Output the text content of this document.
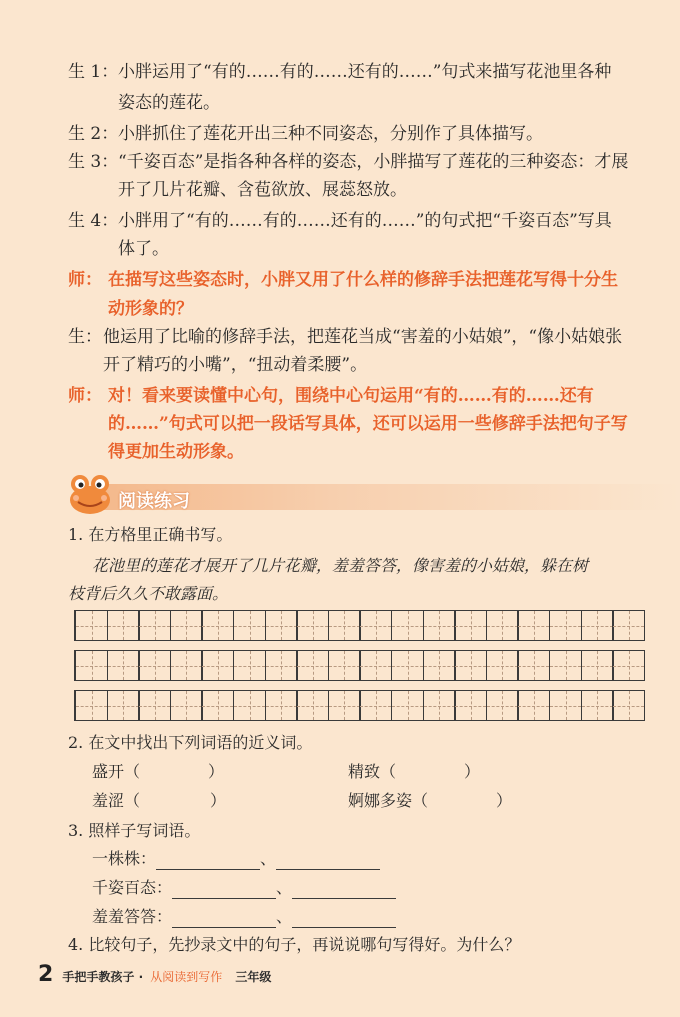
生 1： 小胖运用了“有的……有的……还有的……”句式来描写花池里各种
姿态的莲花。
生 2： 小胖抓住了莲花开出三种不同姿态，分别作了具体描写。
生 3： “千姿百态”是指各种各样的姿态，小胖描写了莲花的三种姿态：才展
开了几片花瓣、含苞欲放、展蕊怒放。
生 4： 小胖用了“有的……有的……还有的……”的句式把“千姿百态”写具
体了。
师： 在描写这些姿态时，小胖又用了什么样的修辞手法把莲花写得十分生
动形象的？
生： 他运用了比喻的修辞手法，把莲花当成“害羞的小姑娘”，“像小姑娘张
开了精巧的小嘴”，“扭动着柔腰”。
师： 对！看来要读懂中心句，围绕中心句运用“有的……有的……还有
的……”句式可以把一段话写具体，还可以运用一些修辞手法把句子写
得更加生动形象。
阅读练习
1. 在方格里正确书写。
花池里的莲花才展开了几片花瓣，羞羞答答，像害羞的小姑娘，躲在树
枝背后久久不敢露面。
2. 在文中找出下列词语的近义词。
盛开（	）	精致（	）
羞涩（	）	婀娜多姿（	）
3. 照样子写词语。
一株株：	、
千姿百态：	、
羞羞答答：	、
4. 比较句子，先抄录文中的句子，再说说哪句写得好。为什么？
2 手把手教孩子 · 从阅读到写作 三年级
